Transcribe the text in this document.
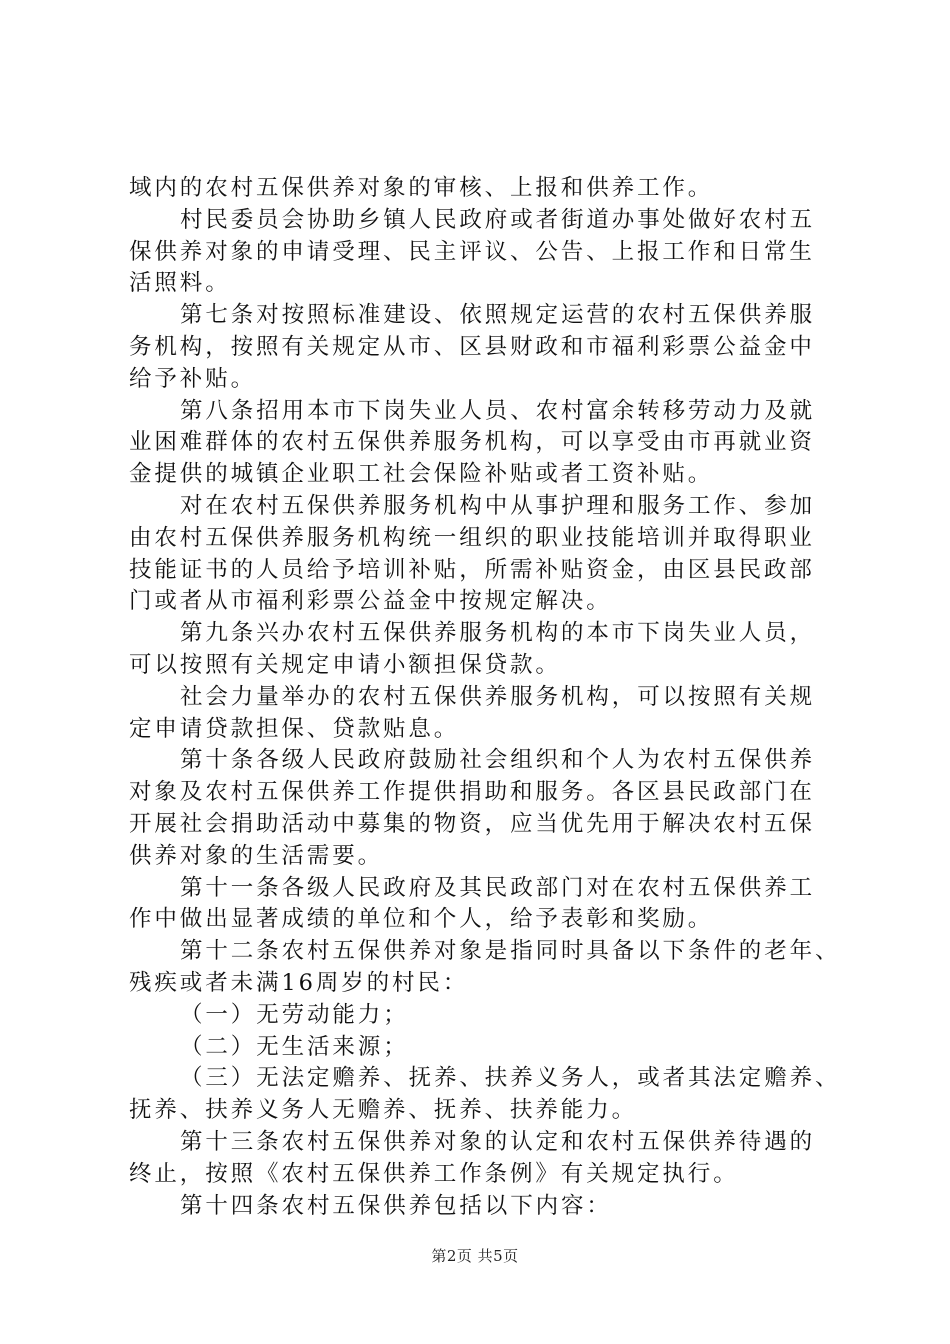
域内的农村五保供养对象的审核、上报和供养工作。
村民委员会协助乡镇人民政府或者街道办事处做好农村五
保供养对象的申请受理、民主评议、公告、上报工作和日常生
活照料。
第七条对按照标准建设、依照规定运营的农村五保供养服
务机构，按照有关规定从市、区县财政和市福利彩票公益金中
给予补贴。
第八条招用本市下岗失业人员、农村富余转移劳动力及就
业困难群体的农村五保供养服务机构，可以享受由市再就业资
金提供的城镇企业职工社会保险补贴或者工资补贴。
对在农村五保供养服务机构中从事护理和服务工作、参加
由农村五保供养服务机构统一组织的职业技能培训并取得职业
技能证书的人员给予培训补贴，所需补贴资金，由区县民政部
门或者从市福利彩票公益金中按规定解决。
第九条兴办农村五保供养服务机构的本市下岗失业人员，
可以按照有关规定申请小额担保贷款。
社会力量举办的农村五保供养服务机构，可以按照有关规
定申请贷款担保、贷款贴息。
第十条各级人民政府鼓励社会组织和个人为农村五保供养
对象及农村五保供养工作提供捐助和服务。各区县民政部门在
开展社会捐助活动中募集的物资，应当优先用于解决农村五保
供养对象的生活需要。
第十一条各级人民政府及其民政部门对在农村五保供养工
作中做出显著成绩的单位和个人，给予表彰和奖励。
第十二条农村五保供养对象是指同时具备以下条件的老年、
残疾或者未满16周岁的村民：
（一）无劳动能力；
（二）无生活来源；
（三）无法定赡养、抚养、扶养义务人，或者其法定赡养、
抚养、扶养义务人无赡养、抚养、扶养能力。
第十三条农村五保供养对象的认定和农村五保供养待遇的
终止，按照《农村五保供养工作条例》有关规定执行。
第十四条农村五保供养包括以下内容：
第2页 共5页
